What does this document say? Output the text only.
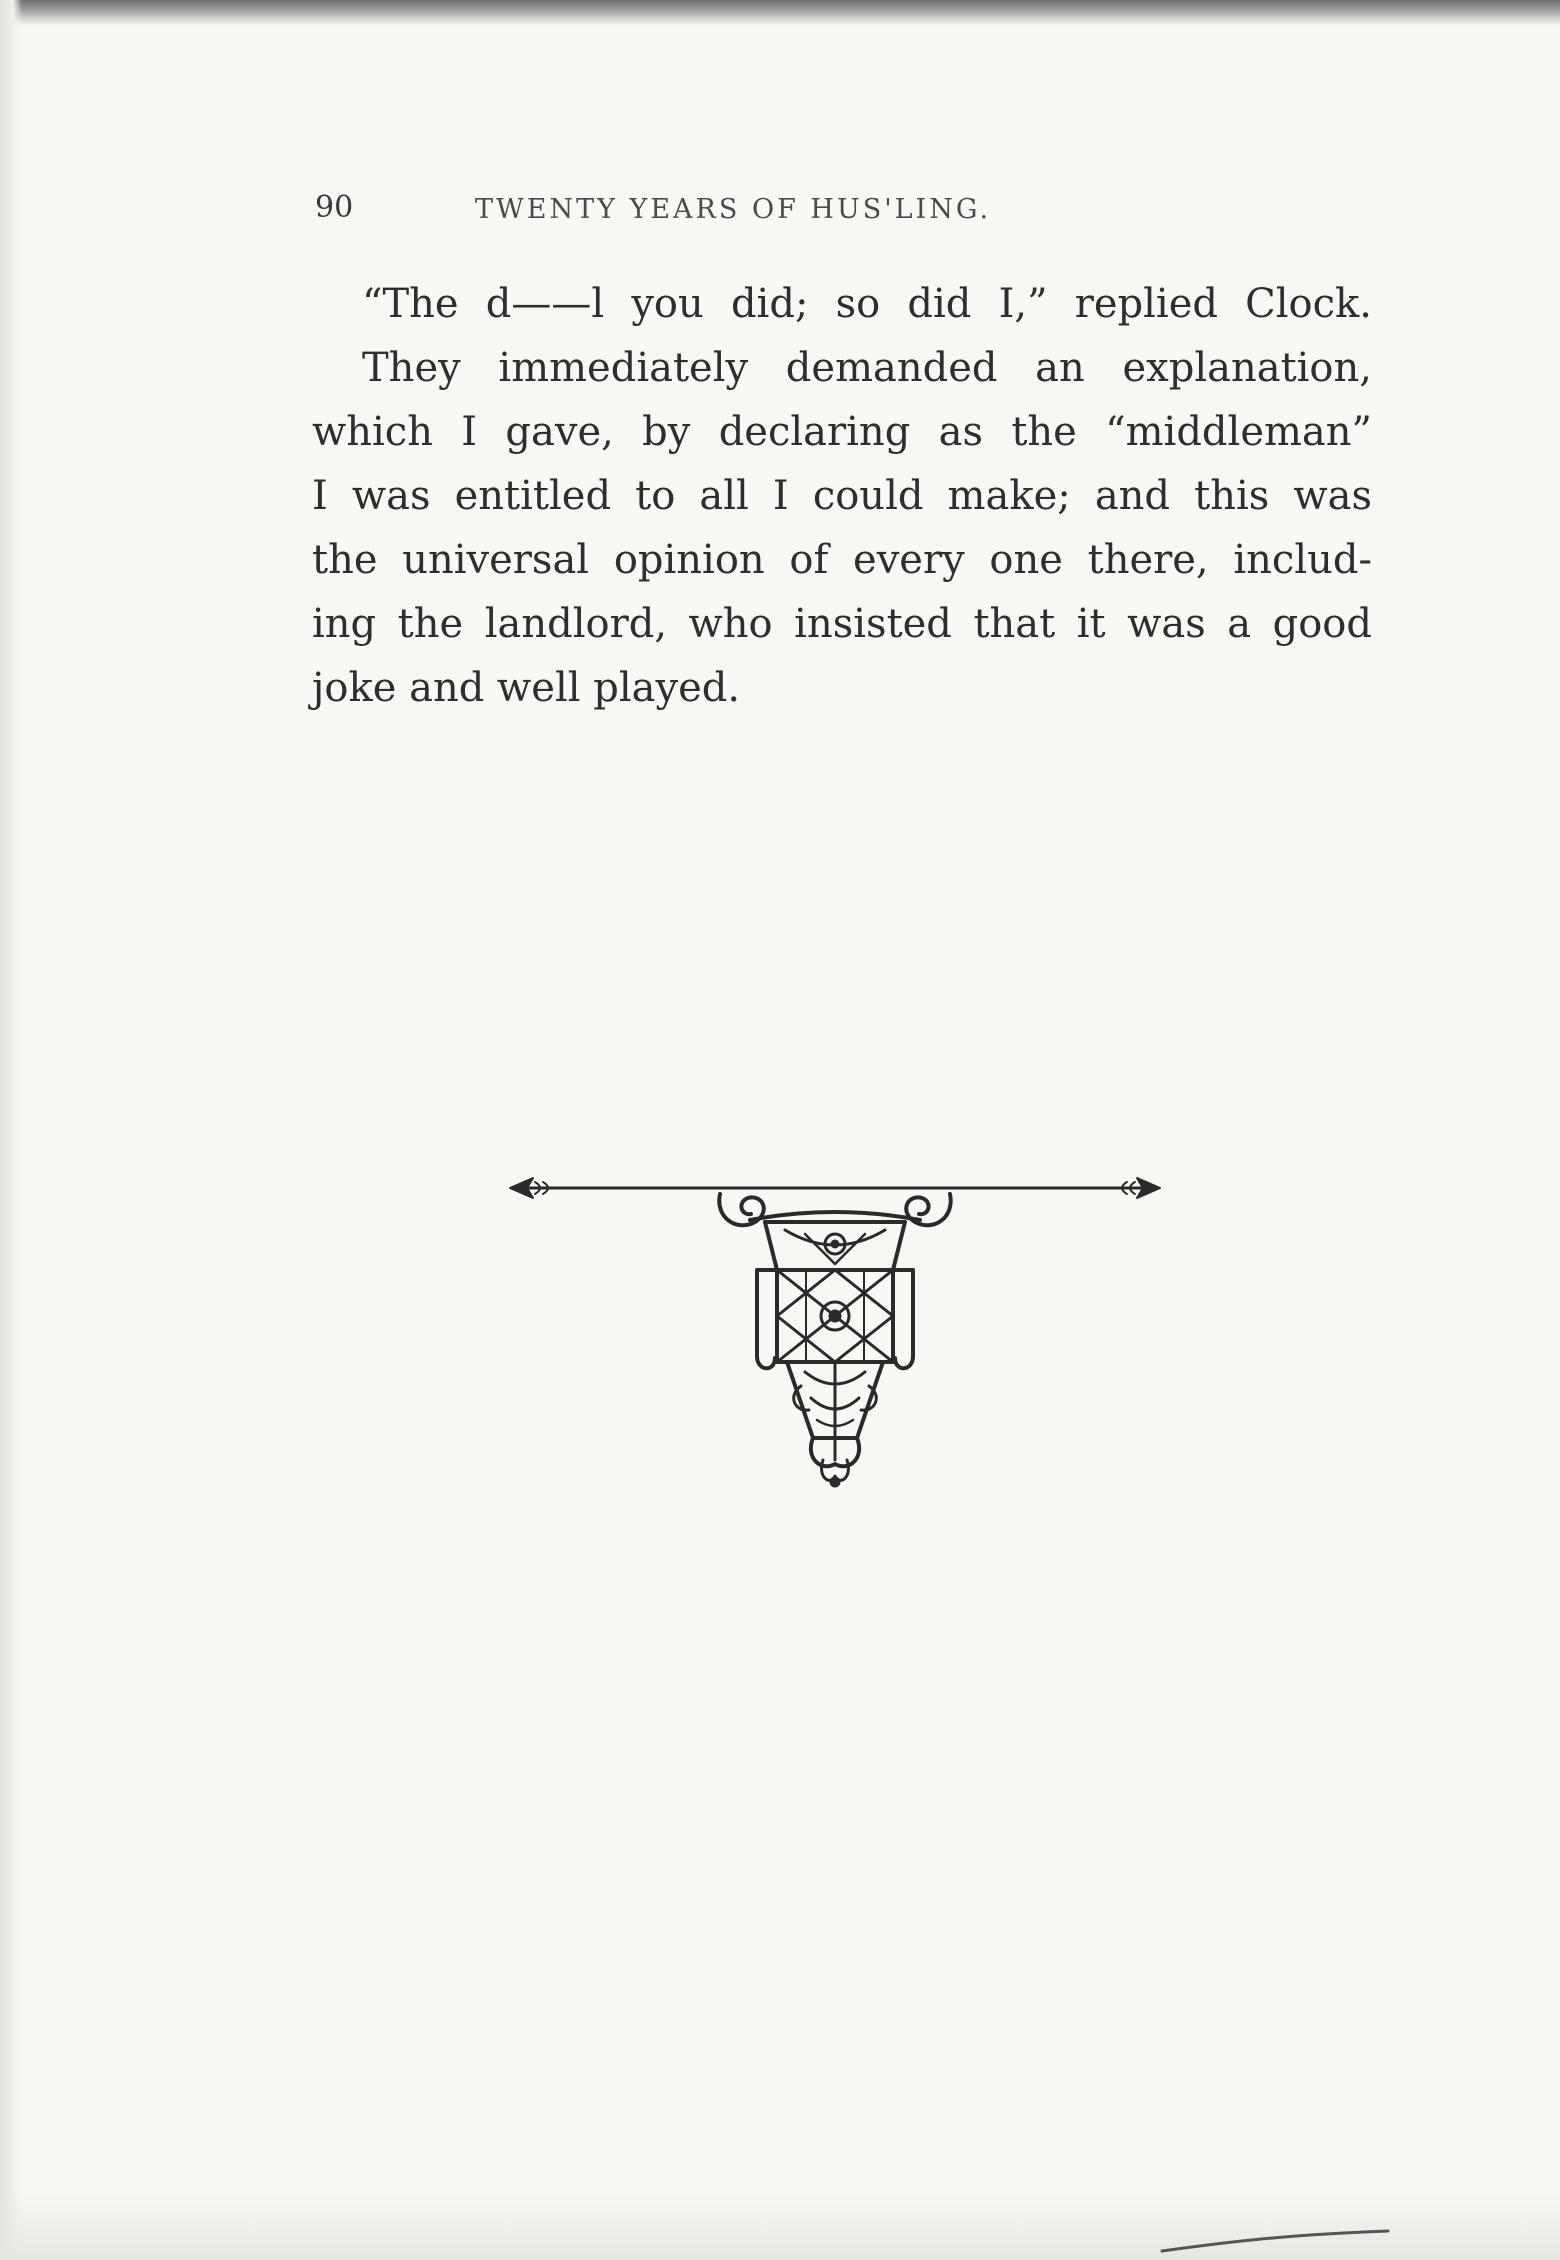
90	TWENTY YEARS OF HUS'LING.
“The d——l you did; so did I,” replied Clock.
They immediately demanded an explanation,
which I gave, by declaring as the “middleman”
I was entitled to all I could make; and this was
the universal opinion of every one there, includ-
ing the landlord, who insisted that it was a good
joke and well played.
